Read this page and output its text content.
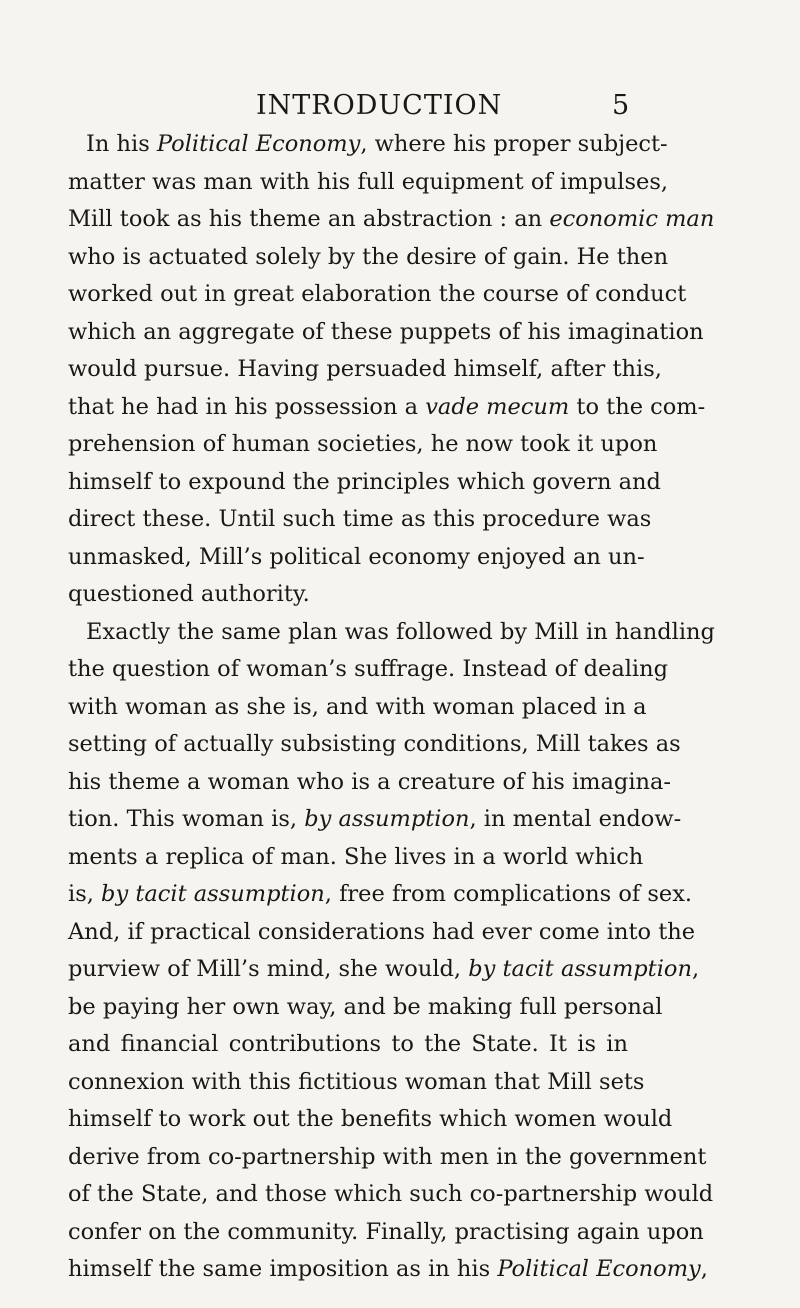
INTRODUCTION	5
In his Political Economy, where his proper subject-
matter was man with his full equipment of impulses,
Mill took as his theme an abstraction : an economic man
who is actuated solely by the desire of gain. He then
worked out in great elaboration the course of conduct
which an aggregate of these puppets of his imagination
would pursue. Having persuaded himself, after this,
that he had in his possession a vade mecum to the com-
prehension of human societies, he now took it upon
himself to expound the principles which govern and
direct these. Until such time as this procedure was
unmasked, Mill’s political economy enjoyed an un-
questioned authority.
Exactly the same plan was followed by Mill in handling
the question of woman’s suffrage. Instead of dealing
with woman as she is, and with woman placed in a
setting of actually subsisting conditions, Mill takes as
his theme a woman who is a creature of his imagina-
tion. This woman is, by assumption, in mental endow-
ments a replica of man. She lives in a world which
is, by tacit assumption, free from complications of sex.
And, if practical considerations had ever come into the
purview of Mill’s mind, she would, by tacit assumption,
be paying her own way, and be making full personal
and financial contributions to the State. It is in
connexion with this fictitious woman that Mill sets
himself to work out the benefits which women would
derive from co-partnership with men in the government
of the State, and those which such co-partnership would
confer on the community. Finally, practising again upon
himself the same imposition as in his Political Economy,
